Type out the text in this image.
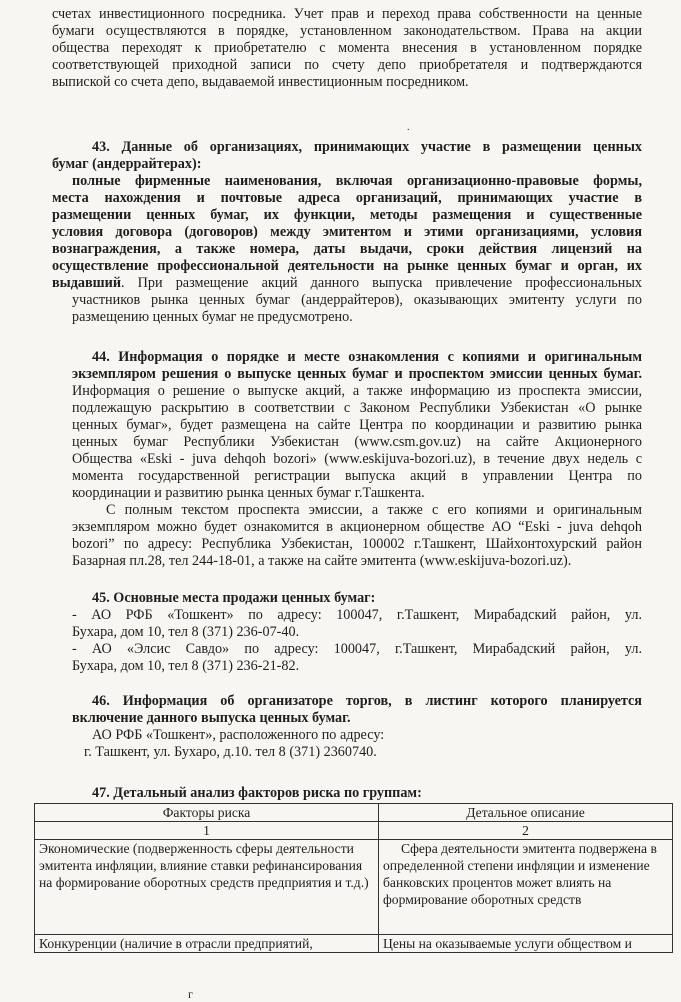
счетах инвестиционного посредника. Учет прав и переход права собственности на ценные

бумаги осуществляются в порядке, установленном законодательством. Права на акции

общества переходят к приобретателю с момента внесения в установленном порядке

соответствующей приходной записи по счету депо приобретателя и подтверждаются

выпиской со счета депо, выдаваемой инвестиционным посредником.

.

43. Данные об организациях, принимающих участие в размещении ценных

бумаг (андеррайтерах):

полные фирменные наименования, включая организационно-правовые формы,

места нахождения и почтовые адреса организаций, принимающих участие в

размещении ценных бумаг, их функции, методы размещения и существенные

условия договора (договоров) между эмитентом и этими организациями, условия

вознаграждения, а также номера, даты выдачи, сроки действия лицензий на

осуществление профессиональной деятельности на рынке ценных бумаг и орган, их

выдавший. При размещение акций данного выпуска привлечение профессиональных

участников рынка ценных бумаг (андеррайтеров), оказывающих эмитенту услуги по

размещению ценных бумаг не предусмотрено.

44. Информация о порядке и месте ознакомления с копиями и оригинальным

экземпляром решения о выпуске ценных бумаг и проспектом эмиссии ценных бумаг.

Информация о решение о выпуске акций, а также информацию из проспекта эмиссии,

подлежащую раскрытию в соответствии с Законом Республики Узбекистан «О рынке

ценных бумаг», будет размещена на сайте Центра по координации и развитию рынка

ценных бумаг Республики Узбекистан (www.csm.gov.uz) на сайте Акционерного

Общества «Eski - juva dehqoh bozori» (www.eskijuva-bozori.uz), в течение двух недель с

момента государственной регистрации выпуска акций в управлении Центра по

координации и развитию рынка ценных бумаг г.Ташкента.

С полным текстом проспекта эмиссии, а также с его копиями и оригинальным

экземпляром можно будет ознакомится в акционерном обществе АО “Eski - juva dehqoh

bozori” по адресу: Республика Узбекистан, 100002 г.Ташкент, Шайхонтохурский район

Базарная пл.28, тел 244-18-01, а также на сайте эмитента (www.eskijuva-bozori.uz).

45. Основные места продажи ценных бумаг:

- АО РФБ «Тошкент» по адресу: 100047, г.Ташкент, Мирабадский район, ул.

Бухара, дом 10, тел 8 (371) 236-07-40.

- АО «Элсис Савдо» по адресу: 100047, г.Ташкент, Мирабадский район, ул.

Бухара, дом 10, тел 8 (371) 236-21-82.

46. Информация об организаторе торгов, в листинг которого планируется

включение данного выпуска ценных бумаг.

АО РФБ «Тошкент», расположенного по адресу:

г. Ташкент, ул. Бухаро, д.10. тел 8 (371) 2360740.

47. Детальный анализ факторов риска по группам:

Факторы риска	Детальное описание
1	2
Экономические (подверженность сферы деятельности эмитента инфляции, влияние ставки рефинансирования на формирование оборотных средств предприятия и т.д.)	Сфера деятельности эмитента подвержена в определенной степени инфляции и изменение банковских процентов может влиять на формирование оборотных средств
Конкуренции (наличие в отрасли предприятий,	Цены на оказываемые услуги обществом и
г
